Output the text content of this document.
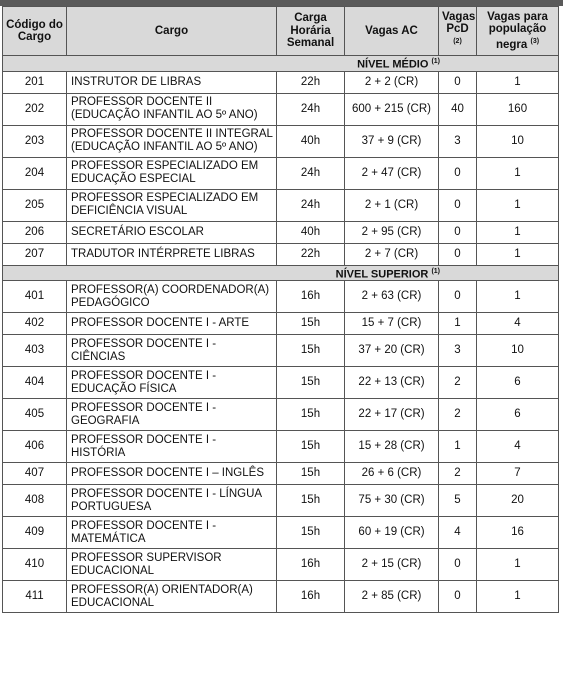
Código do Cargo	Cargo	Carga Horária Semanal	Vagas AC	Vagas PcD $^{(2)}$	Vagas para população negra $^{(3)}$
NÍVEL MÉDIO $^{(1)}$
201	INSTRUTOR DE LIBRAS	22h	2 + 2 (CR)	0	1
202	PROFESSOR DOCENTE II (EDUCAÇÃO INFANTIL AO 5º ANO)	24h	600 + 215 (CR)	40	160
203	PROFESSOR DOCENTE II INTEGRAL (EDUCAÇÃO INFANTIL AO 5º ANO)	40h	37 + 9 (CR)	3	10
204	PROFESSOR ESPECIALIZADO EM EDUCAÇÃO ESPECIAL	24h	2 + 47 (CR)	0	1
205	PROFESSOR ESPECIALIZADO EM DEFICIÊNCIA VISUAL	24h	2 + 1 (CR)	0	1
206	SECRETÁRIO ESCOLAR	40h	2 + 95 (CR)	0	1
207	TRADUTOR INTÉRPRETE LIBRAS	22h	2 + 7 (CR)	0	1
NÍVEL SUPERIOR $^{(1)}$
401	PROFESSOR(A) COORDENADOR(A) PEDAGÓGICO	16h	2 + 63 (CR)	0	1
402	PROFESSOR DOCENTE I - ARTE	15h	15 + 7 (CR)	1	4
403	PROFESSOR DOCENTE I - CIÊNCIAS	15h	37 + 20 (CR)	3	10
404	PROFESSOR DOCENTE I - EDUCAÇÃO FÍSICA	15h	22 + 13 (CR)	2	6
405	PROFESSOR DOCENTE I - GEOGRAFIA	15h	22 + 17 (CR)	2	6
406	PROFESSOR DOCENTE I - HISTÓRIA	15h	15 + 28 (CR)	1	4
407	PROFESSOR DOCENTE I – INGLÊS	15h	26 + 6 (CR)	2	7
408	PROFESSOR DOCENTE I - LÍNGUA PORTUGUESA	15h	75 + 30 (CR)	5	20
409	PROFESSOR DOCENTE I - MATEMÁTICA	15h	60 + 19 (CR)	4	16
410	PROFESSOR SUPERVISOR EDUCACIONAL	16h	2 + 15 (CR)	0	1
411	PROFESSOR(A) ORIENTADOR(A) EDUCACIONAL	16h	2 + 85 (CR)	0	1
